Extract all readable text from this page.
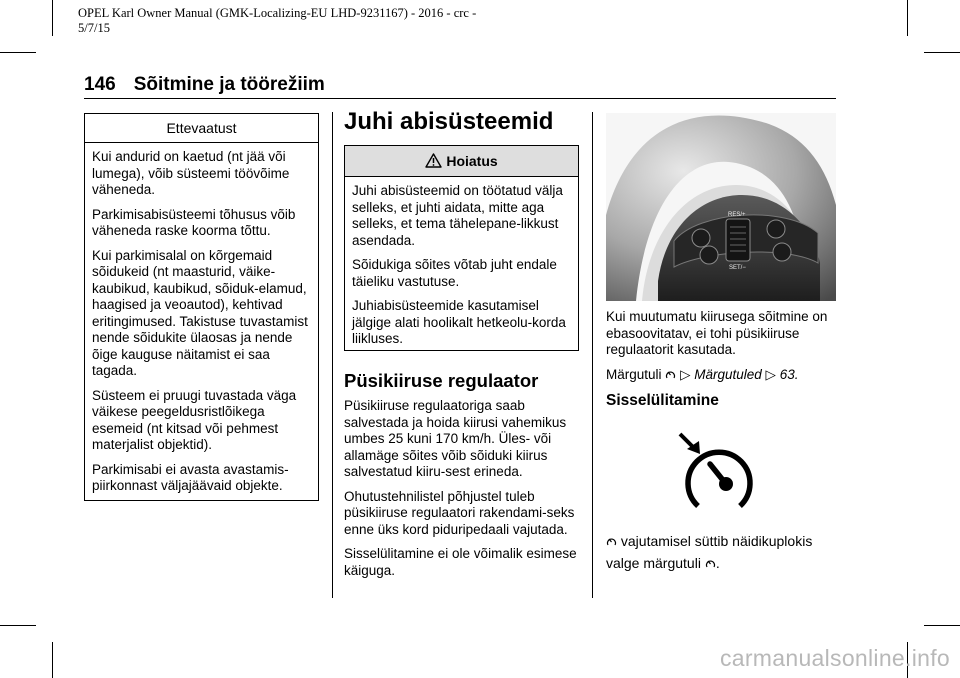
OPEL Karl Owner Manual (GMK-Localizing-EU LHD-9231167) - 2016 - crc -
5/7/15
146 Sõitmine ja töörežiim
Ettevaatust

Kui andurid on kaetud (nt jää või lumega), võib süsteemi töövõime väheneda.

Parkimisabisüsteemi tõhusus võib väheneda raske koorma tõttu.

Kui parkimisalal on kõrgemaid sõidukeid (nt maasturid, väike-kaubikud, kaubikud, sõiduk-elamud, haagised ja veoautod), kehtivad eritingimused. Takistuse tuvastamist nende sõidukite ülaosas ja nende õige kauguse näitamist ei saa tagada.

Süsteem ei pruugi tuvastada väga väikese peegeldusristlõikega esemeid (nt kitsad või pehmest materjalist objektid).

Parkimisabi ei avasta avastamis-piirkonnast väljajäävaid objekte.

Juhi abisüsteemid
Hoiatus

Juhi abisüsteemid on töötatud välja selleks, et juhti aidata, mitte aga selleks, et tema tähelepane-likkust asendada.

Sõidukiga sõites võtab juht endale täieliku vastutuse.

Juhiabisüsteemide kasutamisel jälgige alati hoolikalt hetkeolu-korda liikluses.

Püsikiiruse regulaator

Püsikiiruse regulaatoriga saab salvestada ja hoida kiirusi vahemikus umbes 25 kuni 170 km/h. Üles- või allamäge sõites võib sõiduki kiirus salvestatud kiiru-sest erineda.

Ohutustehnilistel põhjustel tuleb püsikiiruse regulaatori rakendami-seks enne üks kord piduripedaali vajutada.

Sisselülitamine ei ole võimalik esimese käiguga.

RES/+
SET/−

Kui muutumatu kiirusega sõitmine on ebasoovitatav, ei tohi püsikiiruse regulaatorit kasutada.

Märgutuli ▷ Märgutuled ▷ 63.

Sisselülitamine
vajutamisel süttib näidikuplokis
valge märgutuli .
carmanualsonline.info
